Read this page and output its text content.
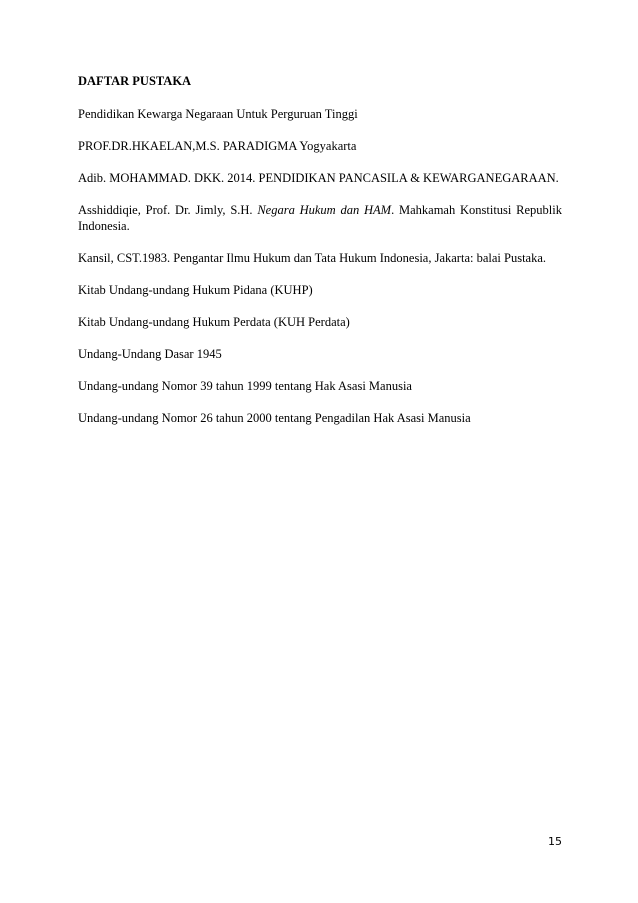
DAFTAR PUSTAKA
Pendidikan Kewarga Negaraan Untuk Perguruan Tinggi
PROF.DR.HKAELAN,M.S. PARADIGMA Yogyakarta
Adib. MOHAMMAD. DKK. 2014. PENDIDIKAN PANCASILA & KEWARGANEGARAAN.
Asshiddiqie, Prof. Dr. Jimly, S.H. Negara Hukum dan HAM. Mahkamah Konstitusi Republik Indonesia.
Kansil, CST.1983. Pengantar Ilmu Hukum dan Tata Hukum Indonesia, Jakarta: balai Pustaka.
Kitab Undang-undang Hukum Pidana (KUHP)
Kitab Undang-undang Hukum Perdata (KUH Perdata)
Undang-Undang Dasar 1945
Undang-undang Nomor 39 tahun 1999 tentang Hak Asasi Manusia
Undang-undang Nomor 26 tahun 2000 tentang Pengadilan Hak Asasi Manusia
15
